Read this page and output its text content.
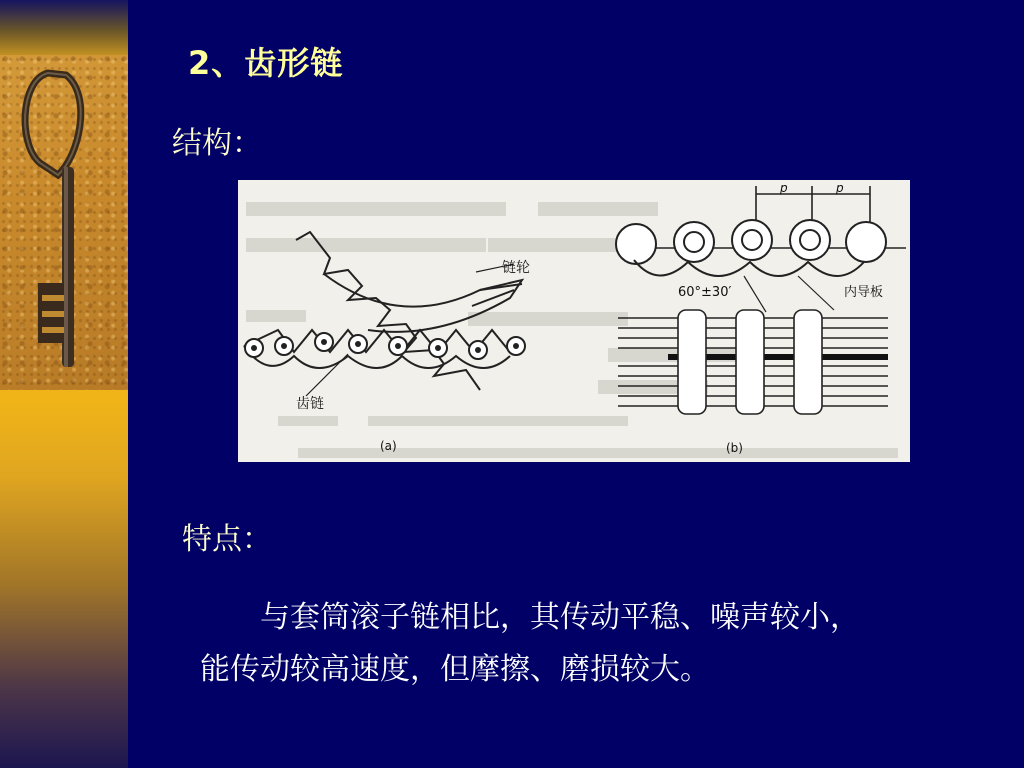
2、齿形链
结构：
链轮
齿链
(a)
p	p
60°±30′	内导板
(b)
特点：
与套筒滚子链相比，其传动平稳、噪声较小，
能传动较高速度，但摩擦、磨损较大。
